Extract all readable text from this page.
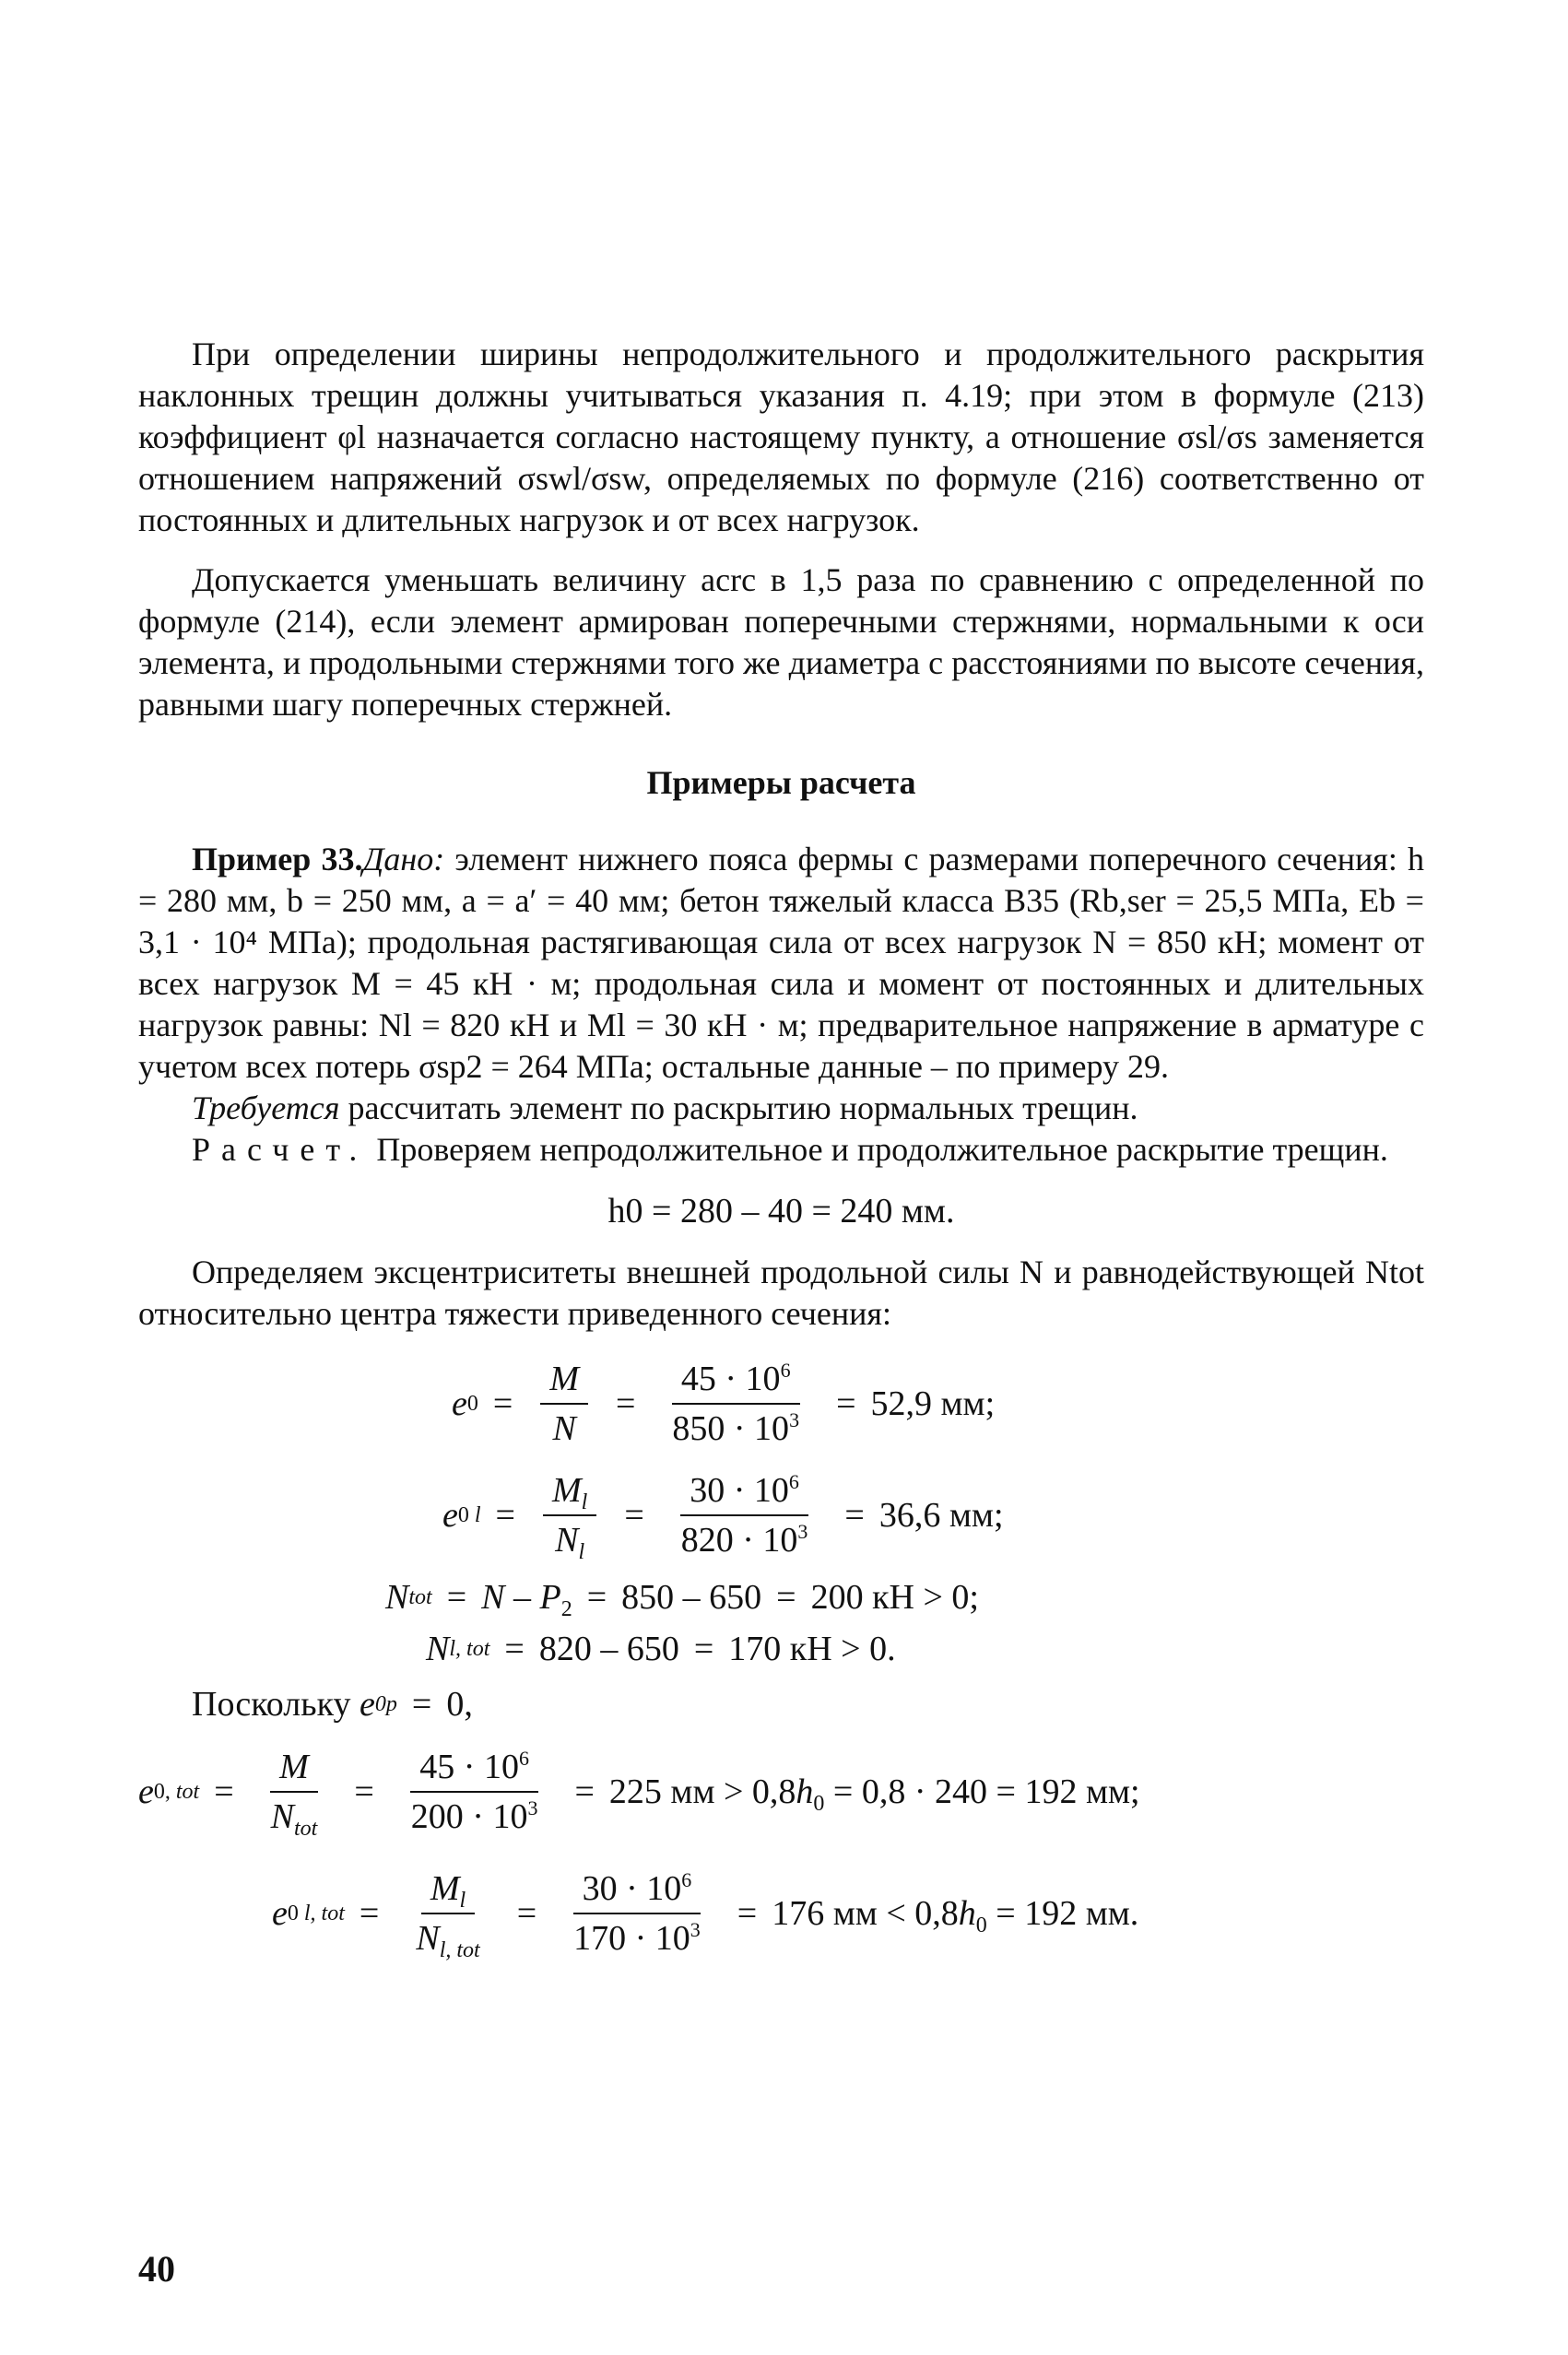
При определении ширины непродолжительного и продолжительного раскрытия наклонных трещин должны учитываться указания п. 4.19; при этом в формуле (213) коэффициент φl назначается согласно настоящему пункту, а отношение σsl/σs заменяется отношением напряжений σswl/σsw, определяемых по формуле (216) соответственно от постоянных и длительных нагрузок и от всех нагрузок.

Допускается уменьшать величину acrc в 1,5 раза по сравнению с определенной по формуле (214), если элемент армирован поперечными стержнями, нормальными к оси элемента, и продольными стержнями того же диаметра с расстояниями по высоте сечения, равными шагу поперечных стержней.

Примеры расчета

Пример 33.Дано: элемент нижнего пояса фермы с размерами поперечного сечения: h = 280 мм, b = 250 мм, a = a′ = 40 мм; бетон тяжелый класса В35 (Rb,ser = 25,5 МПа, Eb = 3,1 · 10⁴ МПа); продольная растягивающая сила от всех нагрузок N = 850 кН; момент от всех нагрузок M = 45 кН · м; продольная сила и момент от постоянных и длительных нагрузок равны: Nl = 820 кН и Ml = 30 кН · м; предварительное напряжение в арматуре с учетом всех потерь σsp2 = 264 МПа; остальные данные – по примеру 29.

Требуется рассчитать элемент по раскрытию нормальных трещин.

Расчет. Проверяем непродолжительное и продолжительное раскрытие трещин.

h0 = 280 – 40 = 240 мм.

Определяем эксцентриситеты внешней продольной силы N и равнодействующей Ntot относительно центра тяжести приведенного сечения:

e $0 = \frac{M}{N} = \frac{45 \cdot 10^6}{850 \cdot 10^3} = 52,9$ мм;
e 0 $l = \frac{M_l}{N_l} = \frac{30 \cdot 10^6}{820 \cdot 10^3} = 36,6$ мм;
N tot = $N - P_2 = 850 - 650 = 200$ кН > 0;
N l, tot = 820 – 650 = 170 кН > 0.
Поскольку e 0p = 0,
e 0, tot = $\frac{M}{N_{tot}} = \frac{45 \cdot 10^6}{200 \cdot 10^3} = 225$ мм > $0,8h_0 = 0,8 \cdot 240 = 192$ мм;
e 0 l, tot = $\frac{M_l}{N_{l, tot}} = \frac{30 \cdot 10^6}{170 \cdot 10^3} = 176$ мм < $0,8h_0 = 192$ мм.
40
